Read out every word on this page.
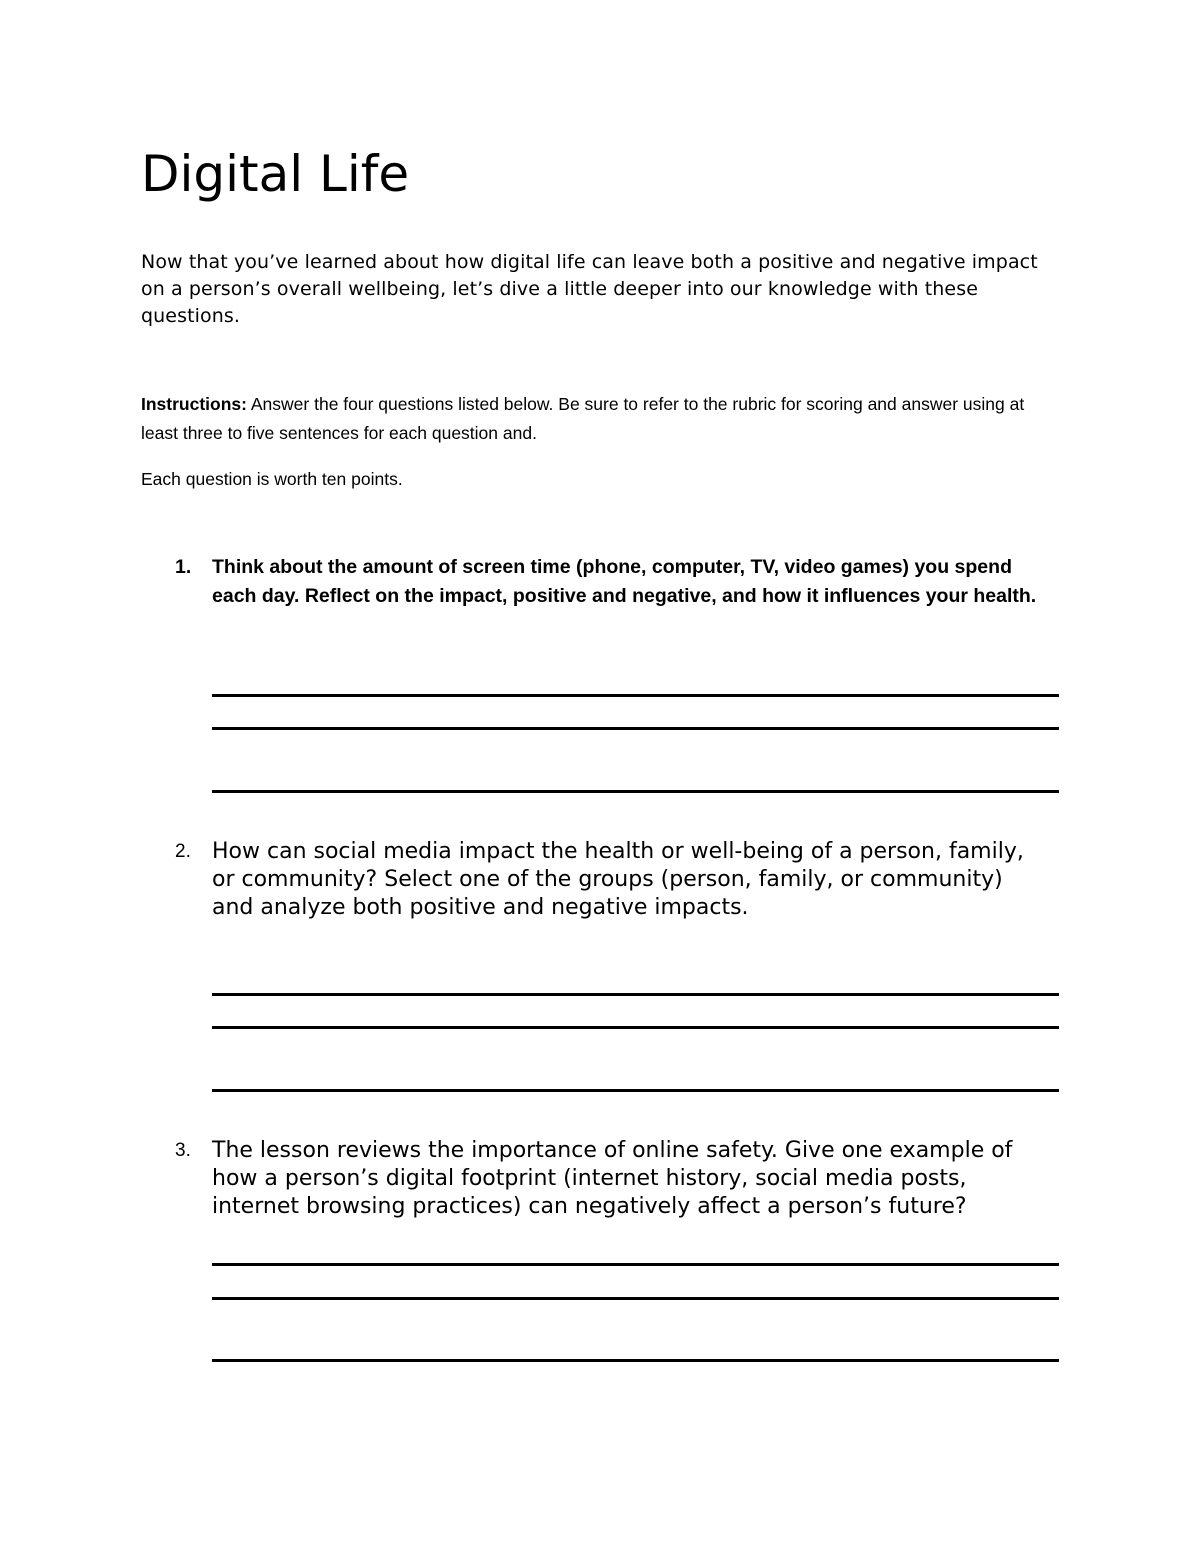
Digital Life

Now that you’ve learned about how digital life can leave both a positive and negative impact on a person’s overall wellbeing, let’s dive a little deeper into our knowledge with these questions.

Instructions: Answer the four questions listed below. Be sure to refer to the rubric for scoring and answer using at least three to five sentences for each question and.

Each question is worth ten points.

1.	Think about the amount of screen time (phone, computer, TV, video games) you spend each day. Reflect on the impact, positive and negative, and how it influences your health.
2. How can social media impact the health or well-being of a person, family, or community? Select one of the groups (person, family, or community) and analyze both positive and negative impacts.
3. The lesson reviews the importance of online safety. Give one example of how a person’s digital footprint (internet history, social media posts, internet browsing practices) can negatively affect a person’s future?
